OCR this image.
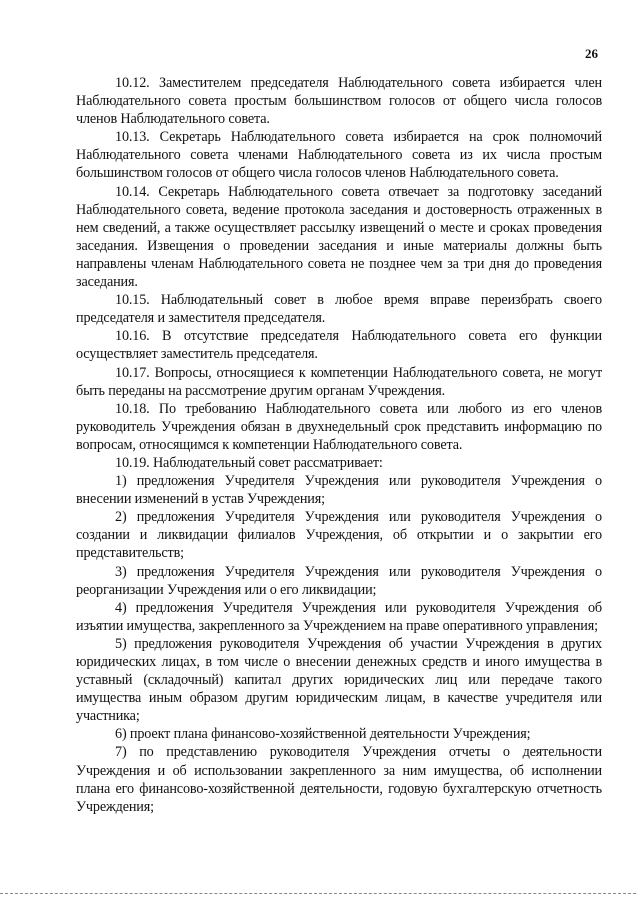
26

10.12. Заместителем председателя Наблюдательного совета избирается член Наблюдательного совета простым большинством голосов от общего числа голосов членов Наблюдательного совета.

10.13. Секретарь Наблюдательного совета избирается на срок полномочий Наблюдательного совета членами Наблюдательного совета из их числа простым большинством голосов от общего числа голосов членов Наблюдательного совета.

10.14. Секретарь Наблюдательного совета отвечает за подготовку заседаний Наблюдательного совета, ведение протокола заседания и достоверность отраженных в нем сведений, а также осуществляет рассылку извещений о месте и сроках проведения заседания. Извещения о проведении заседания и иные материалы должны быть направлены членам Наблюдательного совета не позднее чем за три дня до проведения заседания.

10.15. Наблюдательный совет в любое время вправе переизбрать своего председателя и заместителя председателя.

10.16. В отсутствие председателя Наблюдательного совета его функции осуществляет заместитель председателя.

10.17. Вопросы, относящиеся к компетенции Наблюдательного совета, не могут быть переданы на рассмотрение другим органам Учреждения.

10.18. По требованию Наблюдательного совета или любого из его членов руководитель Учреждения обязан в двухнедельный срок представить информацию по вопросам, относящимся к компетенции Наблюдательного совета.

10.19. Наблюдательный совет рассматривает:

1) предложения Учредителя Учреждения или руководителя Учреждения о внесении изменений в устав Учреждения;

2) предложения Учредителя Учреждения или руководителя Учреждения о создании и ликвидации филиалов Учреждения, об открытии и о закрытии его представительств;

3) предложения Учредителя Учреждения или руководителя Учреждения о реорганизации Учреждения или о его ликвидации;

4) предложения Учредителя Учреждения или руководителя Учреждения об изъятии имущества, закрепленного за Учреждением на праве оперативного управления;

5) предложения руководителя Учреждения об участии Учреждения в других юридических лицах, в том числе о внесении денежных средств и иного имущества в уставный (складочный) капитал других юридических лиц или передаче такого имущества иным образом другим юридическим лицам, в качестве учредителя или участника;

6) проект плана финансово-хозяйственной деятельности Учреждения;

7) по представлению руководителя Учреждения отчеты о деятельности Учреждения и об использовании закрепленного за ним имущества, об исполнении плана его финансово-хозяйственной деятельности, годовую бухгалтерскую отчетность Учреждения;
